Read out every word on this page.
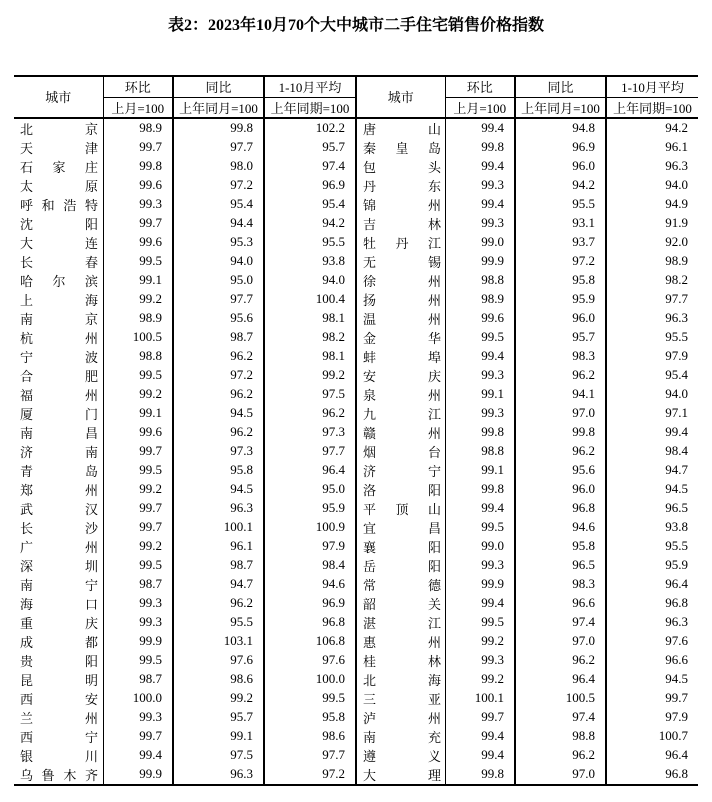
表2：2023年10月70个大中城市二手住宅销售价格指数
城市	环比	同比	1-10月平均	城市	环比	同比	1-10月平均
	上月=100	上年同月=100	上年同期=100		上月=100	上年同月=100	上年同期=100
北京	98.9	99.8	102.2	唐山	99.4	94.8	94.2
天津	99.7	97.7	95.7	秦皇岛	99.8	96.9	96.1
石家庄	99.8	98.0	97.4	包头	99.4	96.0	96.3
太原	99.6	97.2	96.9	丹东	99.3	94.2	94.0
呼和浩特	99.3	95.4	95.4	锦州	99.4	95.5	94.9
沈阳	99.7	94.4	94.2	吉林	99.3	93.1	91.9
大连	99.6	95.3	95.5	牡丹江	99.0	93.7	92.0
长春	99.5	94.0	93.8	无锡	99.9	97.2	98.9
哈尔滨	99.1	95.0	94.0	徐州	98.8	95.8	98.2
上海	99.2	97.7	100.4	扬州	98.9	95.9	97.7
南京	98.9	95.6	98.1	温州	99.6	96.0	96.3
杭州	100.5	98.7	98.2	金华	99.5	95.7	95.5
宁波	98.8	96.2	98.1	蚌埠	99.4	98.3	97.9
合肥	99.5	97.2	99.2	安庆	99.3	96.2	95.4
福州	99.2	96.2	97.5	泉州	99.1	94.1	94.0
厦门	99.1	94.5	96.2	九江	99.3	97.0	97.1
南昌	99.6	96.2	97.3	赣州	99.8	99.8	99.4
济南	99.7	97.3	97.7	烟台	98.8	96.2	98.4
青岛	99.5	95.8	96.4	济宁	99.1	95.6	94.7
郑州	99.2	94.5	95.0	洛阳	99.8	96.0	94.5
武汉	99.7	96.3	95.9	平顶山	99.4	96.8	96.5
长沙	99.7	100.1	100.9	宜昌	99.5	94.6	93.8
广州	99.2	96.1	97.9	襄阳	99.0	95.8	95.5
深圳	99.5	98.7	98.4	岳阳	99.3	96.5	95.9
南宁	98.7	94.7	94.6	常德	99.9	98.3	96.4
海口	99.3	96.2	96.9	韶关	99.4	96.6	96.8
重庆	99.3	95.5	96.8	湛江	99.5	97.4	96.3
成都	99.9	103.1	106.8	惠州	99.2	97.0	97.6
贵阳	99.5	97.6	97.6	桂林	99.3	96.2	96.6
昆明	98.7	98.6	100.0	北海	99.2	96.4	94.5
西安	100.0	99.2	99.5	三亚	100.1	100.5	99.7
兰州	99.3	95.7	95.8	泸州	99.7	97.4	97.9
西宁	99.7	99.1	98.6	南充	99.4	98.8	100.7
银川	99.4	97.5	97.7	遵义	99.4	96.2	96.4
乌鲁木齐	99.9	96.3	97.2	大理	99.8	97.0	96.8
